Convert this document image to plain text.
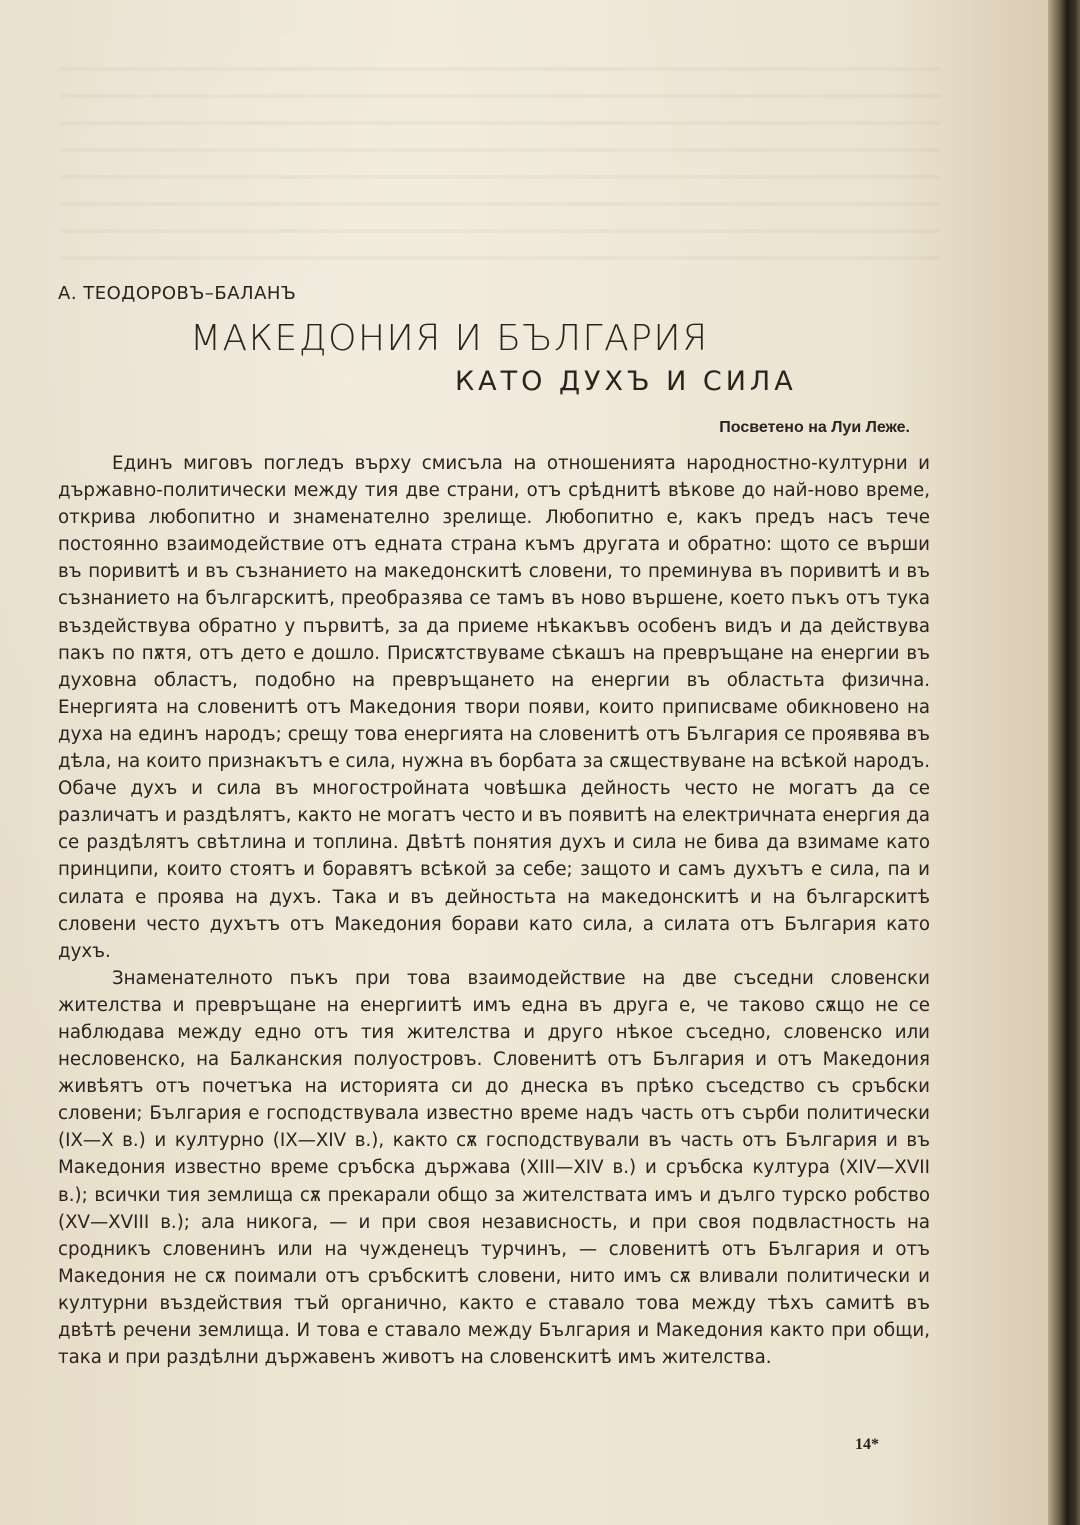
А. ТЕОДОРОВЪ–БАЛАНЪ
МАКЕДОНИЯ И БЪЛГАРИЯ
КАТО ДУХЪ И СИЛА
Посветено на Луи Леже.

Единъ миговъ погледъ върху смисъла на отношенията народностно-културни и държавно-политически между тия две страни, отъ срѣднитѣ вѣкове до най-ново време, открива любопитно и знаменателно зрелище. Любопитно е, какъ предъ насъ тече постоянно взаимодействие отъ едната страна къмъ другата и обратно: щото се върши въ поривитѣ и въ съзнанието на македонскитѣ словени, то преминува въ поривитѣ и въ съзнанието на българскитѣ, преобразява се тамъ въ ново вършене, което пъкъ отъ тука въздействува обратно у първитѣ, за да приеме нѣкакъвъ особенъ видъ и да действува пакъ по пѫтя, отъ дето е дошло. Присѫтствуваме сѣкашъ на превръщане на енергии въ духовна областъ, подобно на превръщането на енергии въ областьта физична. Енергията на словенитѣ отъ Македония твори появи, които приписваме обикновено на духа на единъ народъ; срещу това енергията на словенитѣ отъ България се проявява въ дѣла, на които признакътъ е сила, нужна въ борбата за сѫществуване на всѣкой народъ. Обаче духъ и сила въ многостройната човѣшка дейность често не могатъ да се различатъ и раздѣлятъ, както не могатъ често и въ появитѣ на електричната енергия да се раздѣлятъ свѣтлина и топлина. Двѣтѣ понятия духъ и сила не бива да взимаме като принципи, които стоятъ и боравятъ всѣкой за себе; защото и самъ духътъ е сила, па и силата е проява на духъ. Така и въ дейностьта на македонскитѣ и на българскитѣ словени често духътъ отъ Македония борави като сила, а силата отъ България като духъ.

Знаменателното пъкъ при това взаимодействие на две съседни словенски жителства и превръщане на енергиитѣ имъ една въ друга е, че таково сѫщо не се наблюдава между едно отъ тия жителства и друго нѣкое съседно, словенско или несловенско, на Балканския полуостровъ. Словенитѣ отъ България и отъ Македония живѣятъ отъ почетъка на историята си до днеска въ прѣко съседство съ сръбски словени; България е господствувала известно време надъ часть отъ сърби политически (IX—X в.) и културно (IX—XIV в.), както сѫ господствували въ часть отъ България и въ Македония известно време сръбска държава (XIII—XIV в.) и сръбска култура (XIV—XVII в.); всички тия землища сѫ прекарали общо за жителствата имъ и дълго турско робство (XV—XVIII в.); ала никога, — и при своя независность, и при своя подвластность на сродникъ словенинъ или на чужденецъ турчинъ, — словенитѣ отъ България и отъ Македония не сѫ поимали отъ сръбскитѣ словени, нито имъ сѫ вливали политически и културни въздействия тъй органично, както е ставало това между тѣхъ самитѣ въ двѣтѣ речени землища. И това е ставало между България и Македония както при общи, така и при раздѣлни държавенъ животъ на словенскитѣ имъ жителства.

14*
